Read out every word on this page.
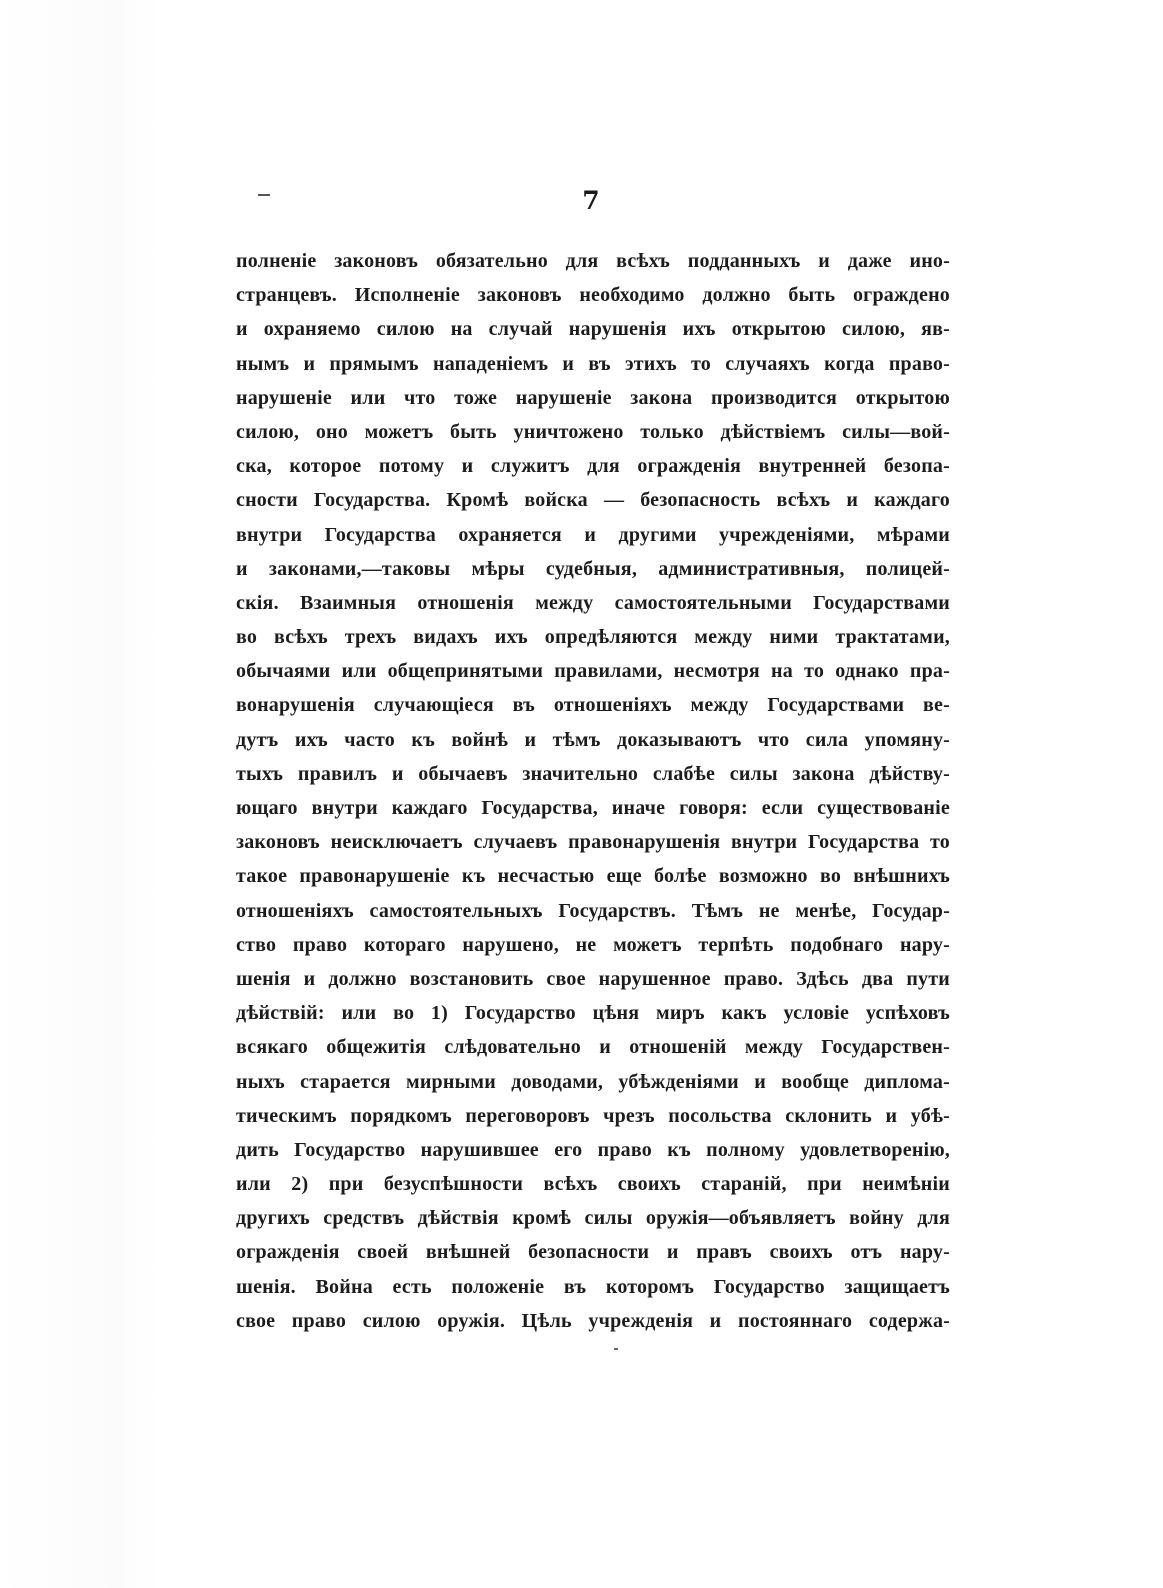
7
полненіе законовъ обязательно для всѣхъ подданныхъ и даже ино-
странцевъ. Исполненіе законовъ необходимо должно быть ограждено
и охраняемо силою на случай нарушенія ихъ открытою силою, яв-
нымъ и прямымъ нападеніемъ и въ этихъ то случаяхъ когда право-
нарушеніе или что тоже нарушеніе закона производится открытою
силою, оно можетъ быть уничтожено только дѣйствіемъ силы—вой-
ска, которое потому и служитъ для огражденія внутренней безопа-
сности Государства. Кромѣ войска — безопасность всѣхъ и каждаго
внутри Государства охраняется и другими учрежденіями, мѣрами
и законами,—таковы мѣры судебныя, административныя, полицей-
скія. Взаимныя отношенія между самостоятельными Государствами
во всѣхъ трехъ видахъ ихъ опредѣляются между ними трактатами,
обычаями или общепринятыми правилами, несмотря на то однако пра-
вонарушенія случающіеся въ отношеніяхъ между Государствами ве-
дутъ ихъ часто къ войнѣ и тѣмъ доказываютъ что сила упомяну-
тыхъ правилъ и обычаевъ значительно слабѣе силы закона дѣйству-
ющаго внутри каждаго Государства, иначе говоря: если существованіе
законовъ неисключаетъ случаевъ правонарушенія внутри Государства то
такое правонарушеніе къ несчастью еще болѣе возможно во внѣшнихъ
отношеніяхъ самостоятельныхъ Государствъ. Тѣмъ не менѣе, Государ-
ство право котораго нарушено, не можетъ терпѣть подобнаго нару-
шенія и должно возстановить свое нарушенное право. Здѣсь два пути
дѣйствій: или во 1) Государство цѣня миръ какъ условіе успѣховъ
всякаго общежитія слѣдовательно и отношеній между Государствен-
ныхъ старается мирными доводами, убѣжденіями и вообще диплома-
тическимъ порядкомъ переговоровъ чрезъ посольства склонить и убѣ-
дить Государство нарушившее его право къ полному удовлетворенію,
или 2) при безуспѣшности всѣхъ своихъ стараній, при неимѣніи
другихъ средствъ дѣйствія кромѣ силы оружія—объявляетъ войну для
огражденія своей внѣшней безопасности и правъ своихъ отъ нару-
шенія. Война есть положеніе въ которомъ Государство защищаетъ
свое право силою оружія. Цѣль учрежденія и постояннаго содержа-
